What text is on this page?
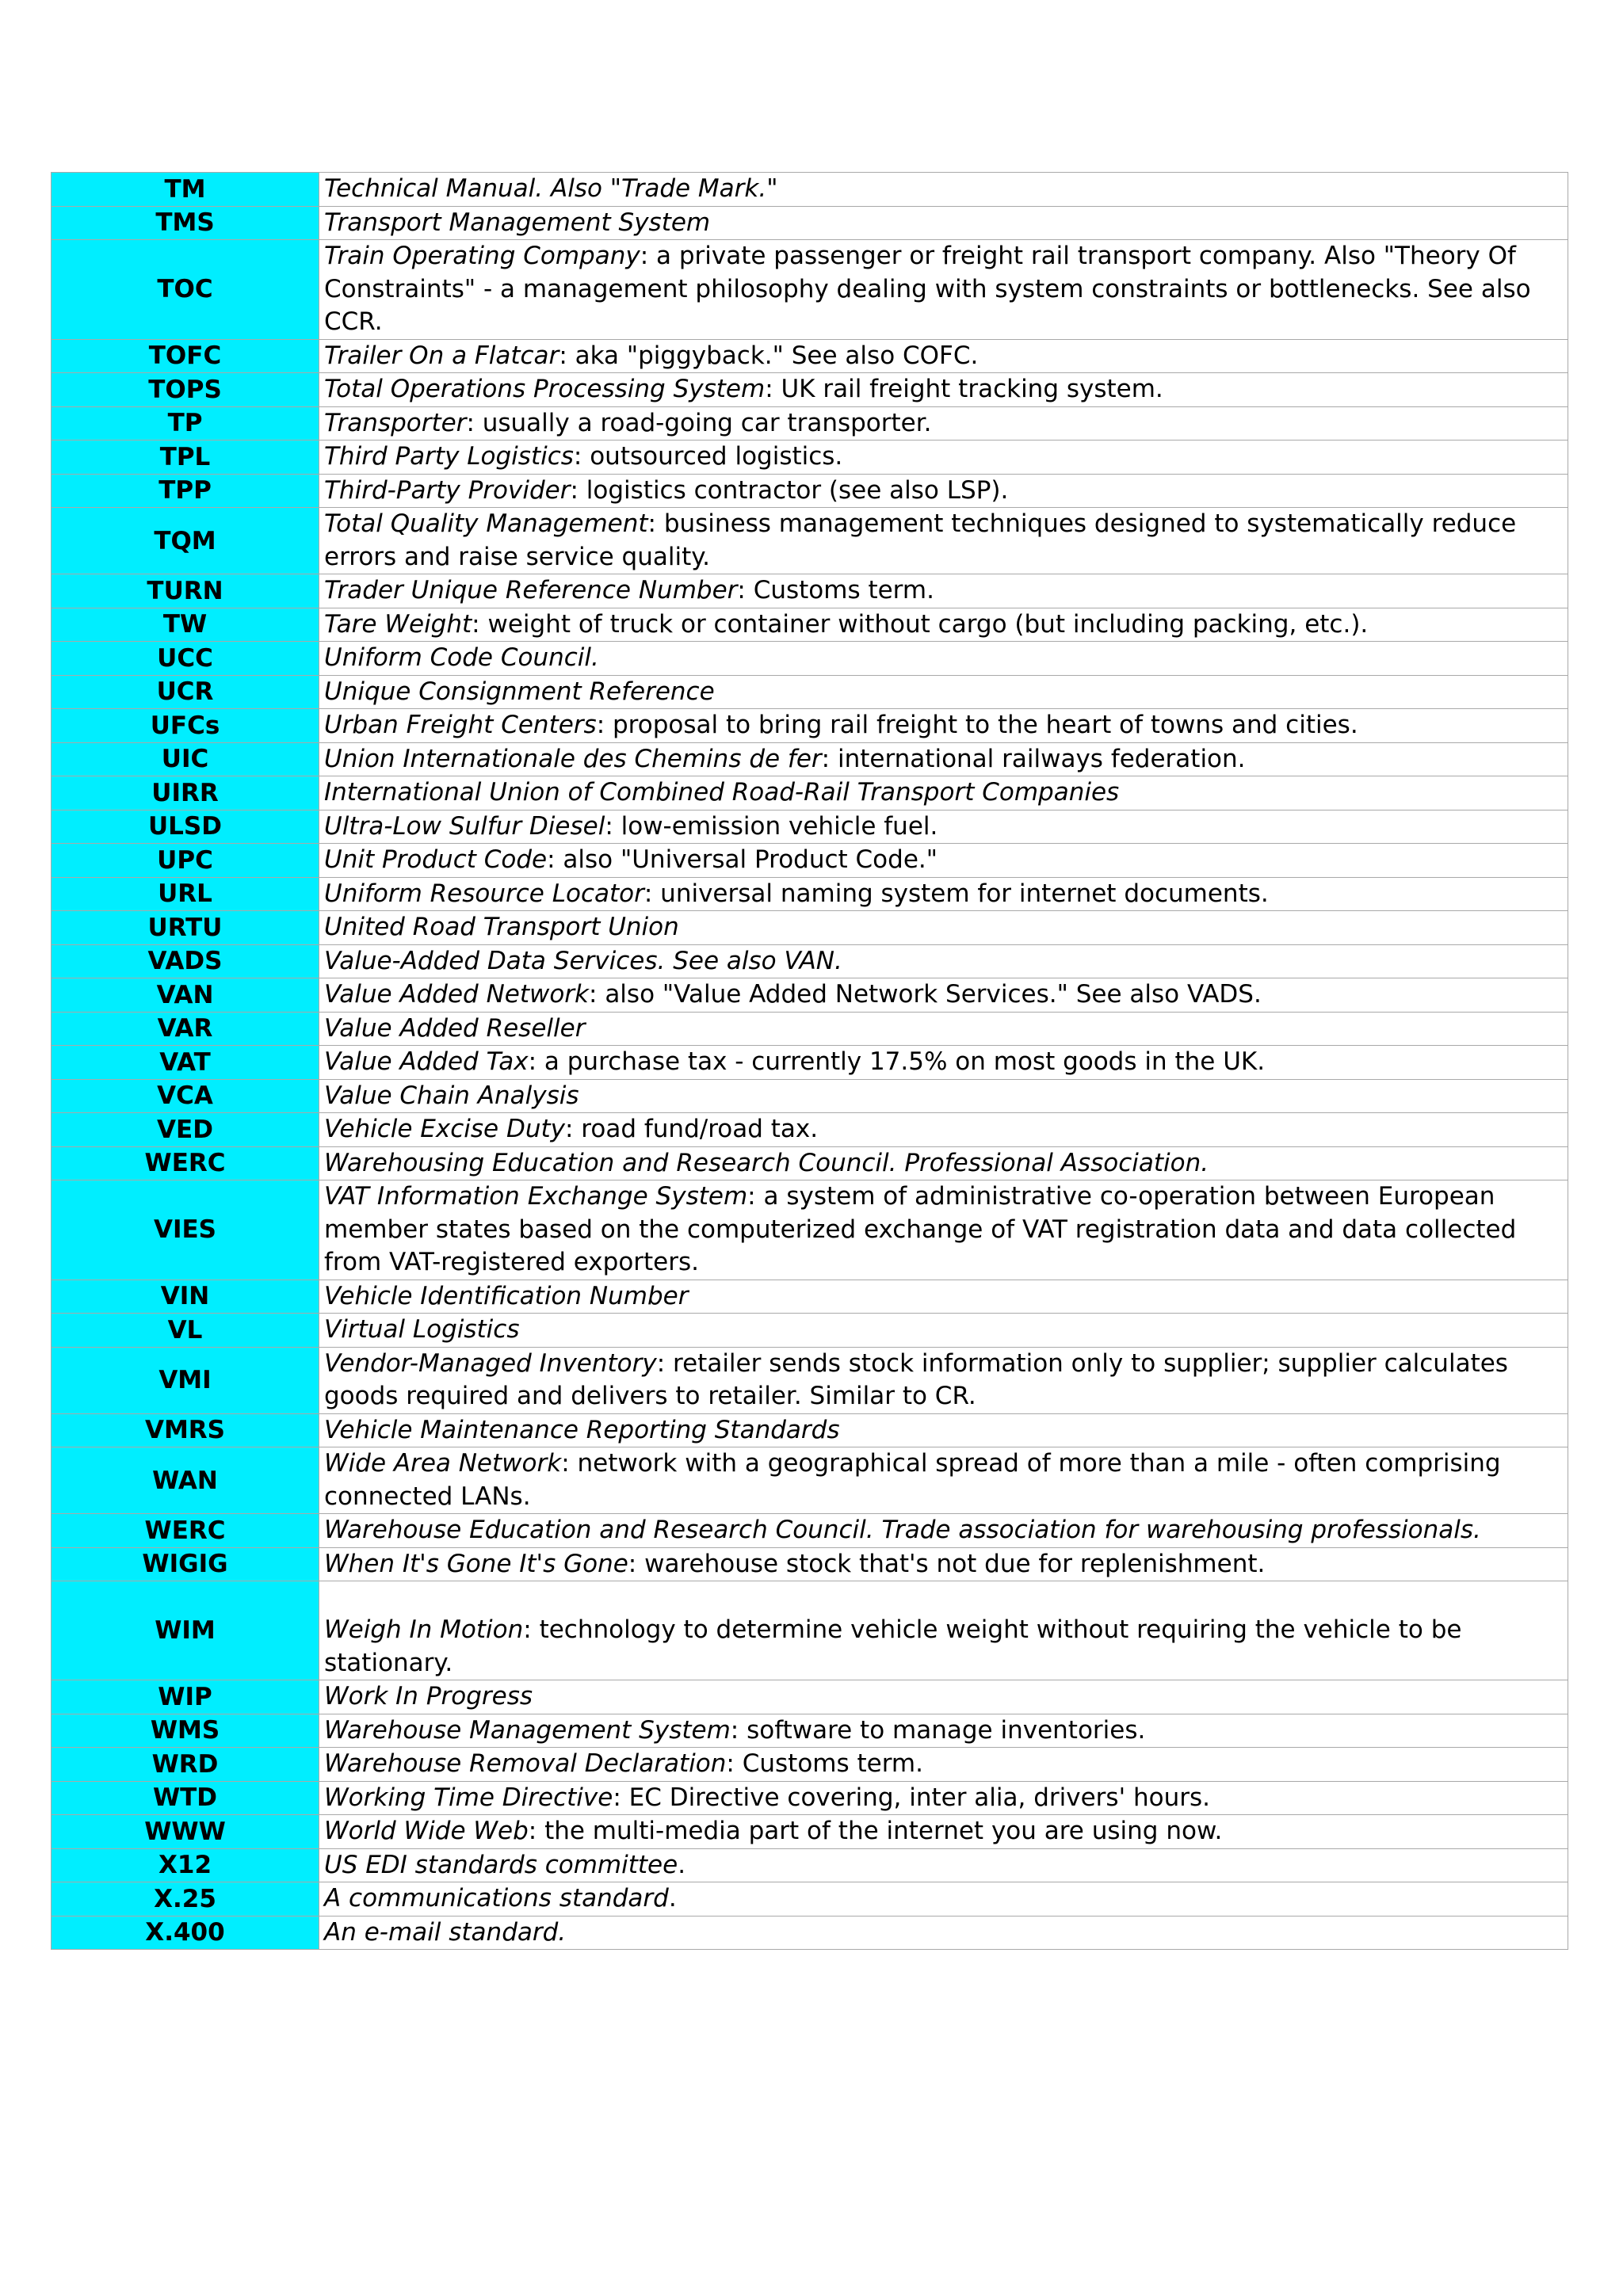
TM	Technical Manual. Also "Trade Mark."
TMS	Transport Management System
TOC	Train Operating Company: a private passenger or freight rail transport company. Also "Theory Of Constraints" - a management philosophy dealing with system constraints or bottlenecks. See also CCR.
TOFC	Trailer On a Flatcar: aka "piggyback." See also COFC.
TOPS	Total Operations Processing System: UK rail freight tracking system.
TP	Transporter: usually a road-going car transporter.
TPL	Third Party Logistics: outsourced logistics.
TPP	Third-Party Provider: logistics contractor (see also LSP).
TQM	Total Quality Management: business management techniques designed to systematically reduce errors and raise service quality.
TURN	Trader Unique Reference Number: Customs term.
TW	Tare Weight: weight of truck or container without cargo (but including packing, etc.).
UCC	Uniform Code Council.
UCR	Unique Consignment Reference
UFCs	Urban Freight Centers: proposal to bring rail freight to the heart of towns and cities.
UIC	Union Internationale des Chemins de fer: international railways federation.
UIRR	International Union of Combined Road-Rail Transport Companies
ULSD	Ultra-Low Sulfur Diesel: low-emission vehicle fuel.
UPC	Unit Product Code: also "Universal Product Code."
URL	Uniform Resource Locator: universal naming system for internet documents.
URTU	United Road Transport Union
VADS	Value-Added Data Services. See also VAN.
VAN	Value Added Network: also "Value Added Network Services." See also VADS.
VAR	Value Added Reseller
VAT	Value Added Tax: a purchase tax - currently 17.5% on most goods in the UK.
VCA	Value Chain Analysis
VED	Vehicle Excise Duty: road fund/road tax.
WERC	Warehousing Education and Research Council. Professional Association.
VIES	VAT Information Exchange System: a system of administrative co-operation between European member states based on the computerized exchange of VAT registration data and data collected from VAT-registered exporters.
VIN	Vehicle Identification Number
VL	Virtual Logistics
VMI	Vendor-Managed Inventory: retailer sends stock information only to supplier; supplier calculates goods required and delivers to retailer. Similar to CR.
VMRS	Vehicle Maintenance Reporting Standards
WAN	Wide Area Network: network with a geographical spread of more than a mile - often comprising connected LANs.
WERC	Warehouse Education and Research Council. Trade association for warehousing professionals.
WIGIG	When It's Gone It's Gone: warehouse stock that's not due for replenishment.
WIM	Weigh In Motion: technology to determine vehicle weight without requiring the vehicle to be stationary.

WIP	Work In Progress
WMS	Warehouse Management System: software to manage inventories.
WRD	Warehouse Removal Declaration: Customs term.
WTD	Working Time Directive: EC Directive covering, inter alia, drivers' hours.
WWW	World Wide Web: the multi-media part of the internet you are using now.
X12	US EDI standards committee.
X.25	A communications standard.
X.400	An e-mail standard.
